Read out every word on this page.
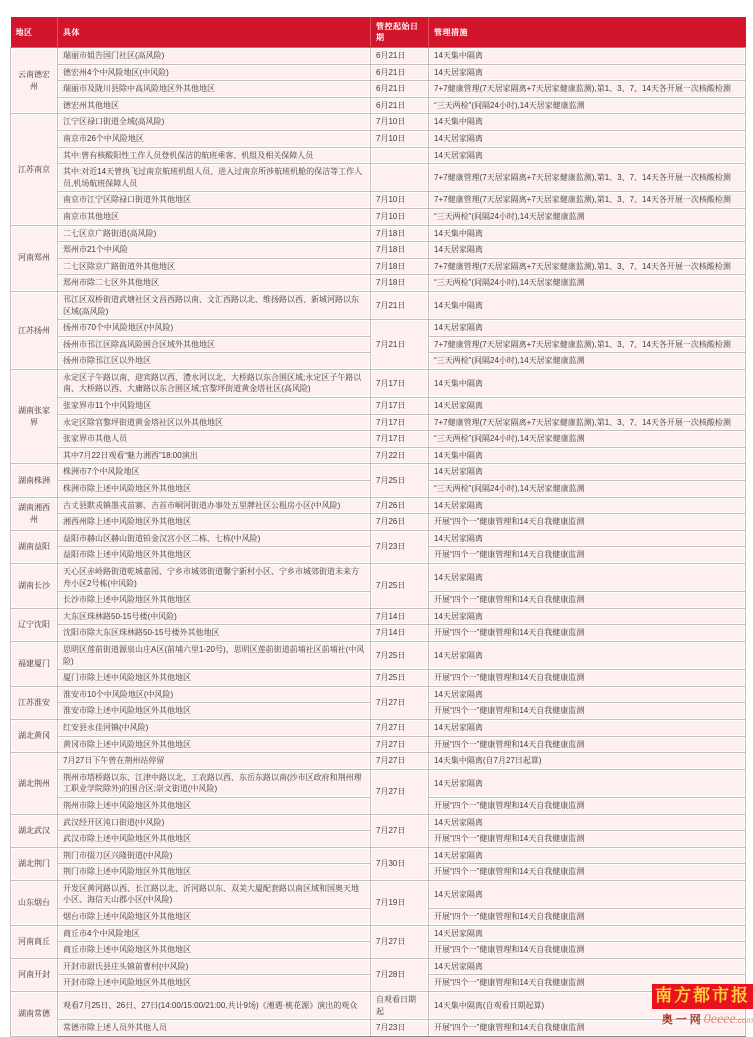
地区	具体	管控起始日期	管理措施
云南德宏州	瑞丽市姐告国门社区(高风险)	6月21日	14天集中隔离
	德宏州4个中风险地区(中风险)	6月21日	14天居家隔离
	瑞丽市及陇川县除中高风险地区外其他地区	6月21日	7+7健康管理(7天居家隔离+7天居家健康监测),第1、3、7、14天各开展一次核酸检测
	德宏州其他地区	6月21日	“三天两检”(间隔24小时),14天居家健康监测
江苏南京	江宁区禄口街道全域(高风险)	7月10日	14天集中隔离
	南京市26个中风险地区	7月10日	14天居家隔离
	其中:曾有核酸阳性工作人员登机保洁的航班乘客、机组及相关保障人员		14天居家隔离
	其中:对近14天曾执飞过南京航班机组人员、进入过南京所涉航班机舱的保洁等工作人员,机场航班保障人员		7+7健康管理(7天居家隔离+7天居家健康监测),第1、3、7、14天各开展一次核酸检测
	南京市江宁区除禄口街道外其他地区	7月10日	7+7健康管理(7天居家隔离+7天居家健康监测),第1、3、7、14天各开展一次核酸检测
	南京市其他地区	7月10日	“三天两检”(间隔24小时),14天居家健康监测
河南郑州	二七区京广路街道(高风险)	7月18日	14天集中隔离
	郑州市21个中风险	7月18日	14天居家隔离
	二七区除京广路街道外其他地区	7月18日	7+7健康管理(7天居家隔离+7天居家健康监测),第1、3、7、14天各开展一次核酸检测
	郑州市除二七区外其他地区	7月18日	“三天两检”(间隔24小时),14天居家健康监测
江苏扬州	邗江区双桥街道武塘社区文昌西路以南、文汇西路以北、维扬路以西、新城河路以东区域(高风险)	7月21日	14天集中隔离
	扬州市70个中风险地区(中风险)	7月21日	14天居家隔离
	扬州市邗江区除高风险围合区域外其他地区		7+7健康管理(7天居家隔离+7天居家健康监测),第1、3、7、14天各开展一次核酸检测
	扬州市除邗江区以外地区		“三天两检”(间隔24小时),14天居家健康监测
湖南张家界	永定区子午路以南、迎宾路以西、澧水河以北、大桥路以东合围区域;永定区子午路以南、大桥路以西、大庸路以东合围区域;官黎坪街道黄金塔社区(高风险)	7月17日	14天集中隔离
	张家界市11个中风险地区	7月17日	14天居家隔离
	永定区除官黎坪街道黄金塔社区以外其他地区	7月17日	7+7健康管理(7天居家隔离+7天居家健康监测),第1、3、7、14天各开展一次核酸检测
	张家界市其他人员	7月17日	“三天两检”(间隔24小时),14天居家健康监测
	其中7月22日观看“魅力湘西”18:00演出	7月22日	14天集中隔离
湖南株洲	株洲市7个中风险地区	7月25日	14天居家隔离
	株洲市除上述中风险地区外其他地区		“三天两检”(间隔24小时),14天居家健康监测
湖南湘西州	古丈县默戎镇墨戎苗寨、吉首市峒河街道办事处五里牌社区公租房小区(中风险)	7月26日	14天居家隔离
	湘西州除上述中风险地区外其他地区	7月26日	开展“四个一”健康管理和14天自我健康监测
湖南益阳	益阳市赫山区赫山街道铂金汉宫小区二栋、七栋(中风险)	7月23日	14天居家隔离
	益阳市除上述中风险地区外其他地区		开展“四个一”健康管理和14天自我健康监测
湖南长沙	天心区赤岭路街道乾城嘉园、宁乡市城郊街道馨宁新村小区、宁乡市城郊街道未来方舟小区2号栋(中风险)	7月25日	14天居家隔离
	长沙市除上述中风险地区外其他地区		开展“四个一”健康管理和14天自我健康监测
辽宁沈阳	大东区珠林路50-15号楼(中风险)	7月14日	14天居家隔离
	沈阳市除大东区珠林路50-15号楼外其他地区	7月14日	开展“四个一”健康管理和14天自我健康监测
福建厦门	思明区莲前街道源泉山庄A区(前埔六里1-20号)、思明区莲前街道前埔社区前埔社(中风险)	7月25日	14天居家隔离
	厦门市除上述中风险地区外其他地区	7月25日	开展“四个一”健康管理和14天自我健康监测
江苏淮安	淮安市10个中风险地区(中风险)	7月27日	14天居家隔离
	淮安市除上述中风险地区外其他地区		开展“四个一”健康管理和14天自我健康监测
湖北黄冈	红安县永佳河镇(中风险)	7月27日	14天居家隔离
	黄冈市除上述中风险地区外其他地区	7月27日	开展“四个一”健康管理和14天自我健康监测
湖北荆州	7月27日下午曾在荆州站停留	7月27日	14天集中隔离(自7月27日起算)
	荆州市塔桥路以东、江津中路以北、工农路以西、东岳东路以南(沙市区政府和荆州理工职业学院除外)的围合区;崇文街道(中风险)	7月27日	14天居家隔离
	荆州市除上述中风险地区外其他地区		开展“四个一”健康管理和14天自我健康监测
湖北武汉	武汉经开区沌口街道(中风险)	7月27日	14天居家隔离
	武汉市除上述中风险地区外其他地区		开展“四个一”健康管理和14天自我健康监测
湖北荆门	荆门市掇刀区兴隆街道(中风险)	7月30日	14天居家隔离
	荆门市除上述中风险地区外其他地区		开展“四个一”健康管理和14天自我健康监测
山东烟台	开发区黄河路以西、长江路以北、沂河路以东、双美大厦配套路以南区域和国奥天地小区、海信天山郡小区(中风险)	7月19日	14天居家隔离
	烟台市除上述中风险地区外其他地区		开展“四个一”健康管理和14天自我健康监测
河南商丘	商丘市4个中风险地区	7月27日	14天居家隔离
	商丘市除上述中风险地区外其他地区		开展“四个一”健康管理和14天自我健康监测
河南开封	开封市尉氏县庄头镇前曹村(中风险)	7月28日	14天居家隔离
	开封市除上述中风险地区外其他地区		开展“四个一”健康管理和14天自我健康监测
湖南常德	观看7月25日、26日、27日(14:00/15:00/21:00,共计9场)《湘遇·桃花源》演出的观众	自观看日期起	14天集中隔离(自观看日期起算)
	常德市除上述人员外其他人员	7月23日	开展“四个一”健康管理和14天自我健康监测
南方都市报
奥一网0eeee.com
